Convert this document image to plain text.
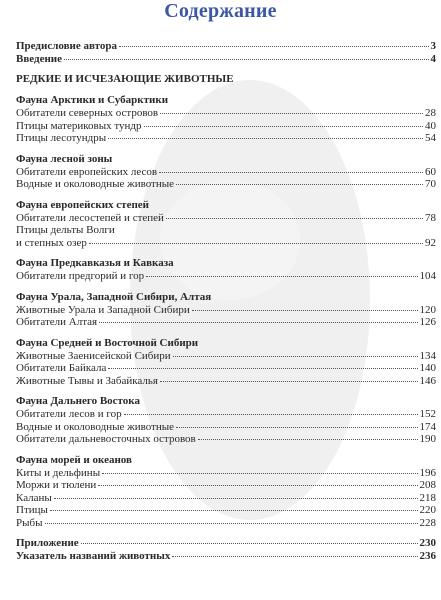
Содержание
Предисловие автора	3
Введение	4
РЕДКИЕ И ИСЧЕЗАЮЩИЕ ЖИВОТНЫЕ
Фауна Арктики и Субарктики
Обитатели северных островов	28
Птицы материковых тундр	40
Птицы лесотундры	54
Фауна лесной зоны
Обитатели европейских лесов	60
Водные и околоводные животные	70
Фауна европейских степей
Обитатели лесостепей и степей	78
Птицы дельты Волги
и степных озер	92
Фауна Предкавказья и Кавказа
Обитатели предгорий и гор	104
Фауна Урала, Западной Сибири, Алтая
Животные Урала и Западной Сибири	120
Обитатели Алтая	126
Фауна Средней и Восточной Сибири
Животные Заенисейской Сибири	134
Обитатели Байкала	140
Животные Тывы и Забайкалья	146
Фауна Дальнего Востока
Обитатели лесов и гор	152
Водные и околоводные животные	174
Обитатели дальневосточных островов	190
Фауна морей и океанов
Киты и дельфины	196
Моржи и тюлени	208
Каланы	218
Птицы	220
Рыбы	228
Приложение	230
Указатель названий животных	236
